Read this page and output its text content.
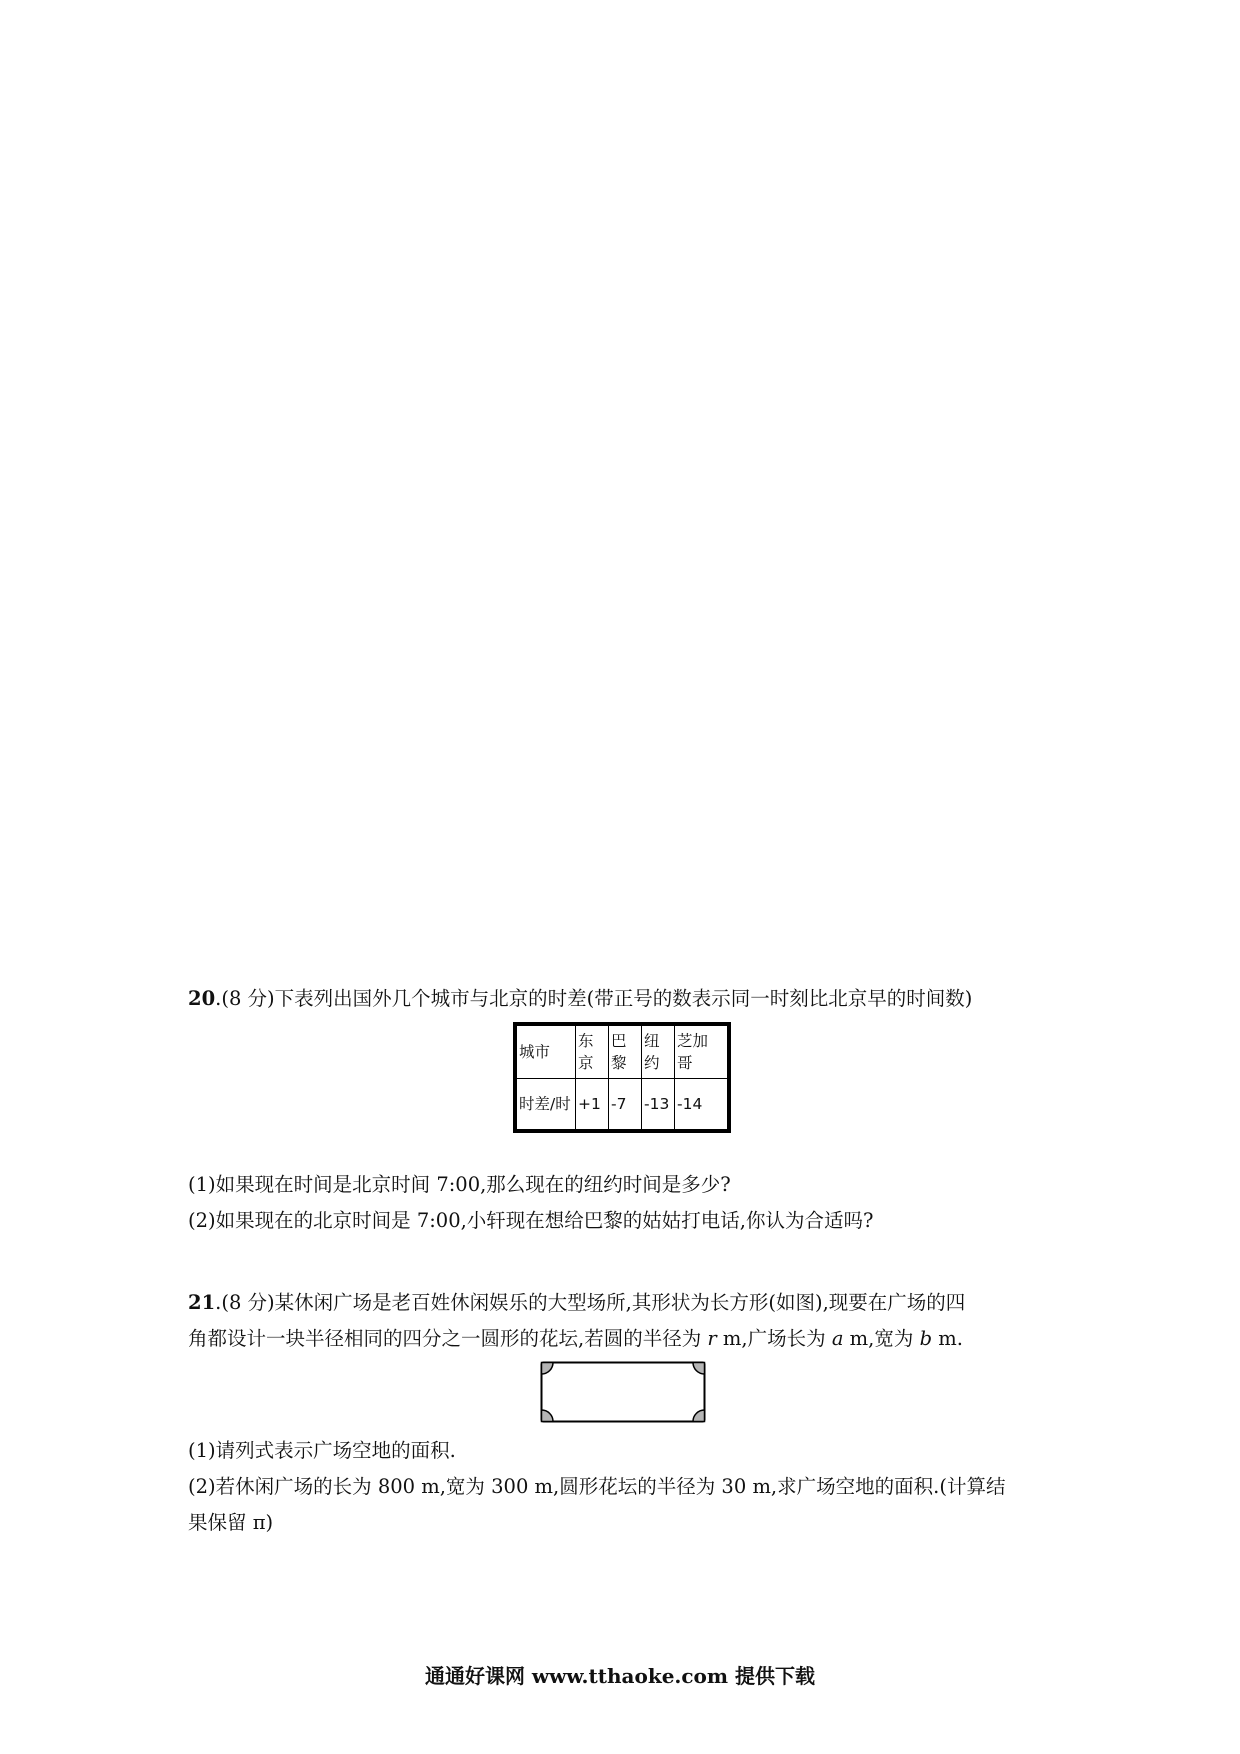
20.(8 分)下表列出国外几个城市与北京的时差(带正号的数表示同一时刻比北京早的时间数)
城市	东京	巴黎	纽约	芝加哥
时差/时	+1	-7	-13	-14
(1)如果现在时间是北京时间 7:00,那么现在的纽约时间是多少?
(2)如果现在的北京时间是 7:00,小轩现在想给巴黎的姑姑打电话,你认为合适吗?
21.(8 分)某休闲广场是老百姓休闲娱乐的大型场所,其形状为长方形(如图),现要在广场的四
角都设计一块半径相同的四分之一圆形的花坛,若圆的半径为 r m,广场长为 a m,宽为 b m.
(1)请列式表示广场空地的面积.
(2)若休闲广场的长为 800 m,宽为 300 m,圆形花坛的半径为 30 m,求广场空地的面积.(计算结
果保留 π)
通通好课网 www.tthaoke.com 提供下载
